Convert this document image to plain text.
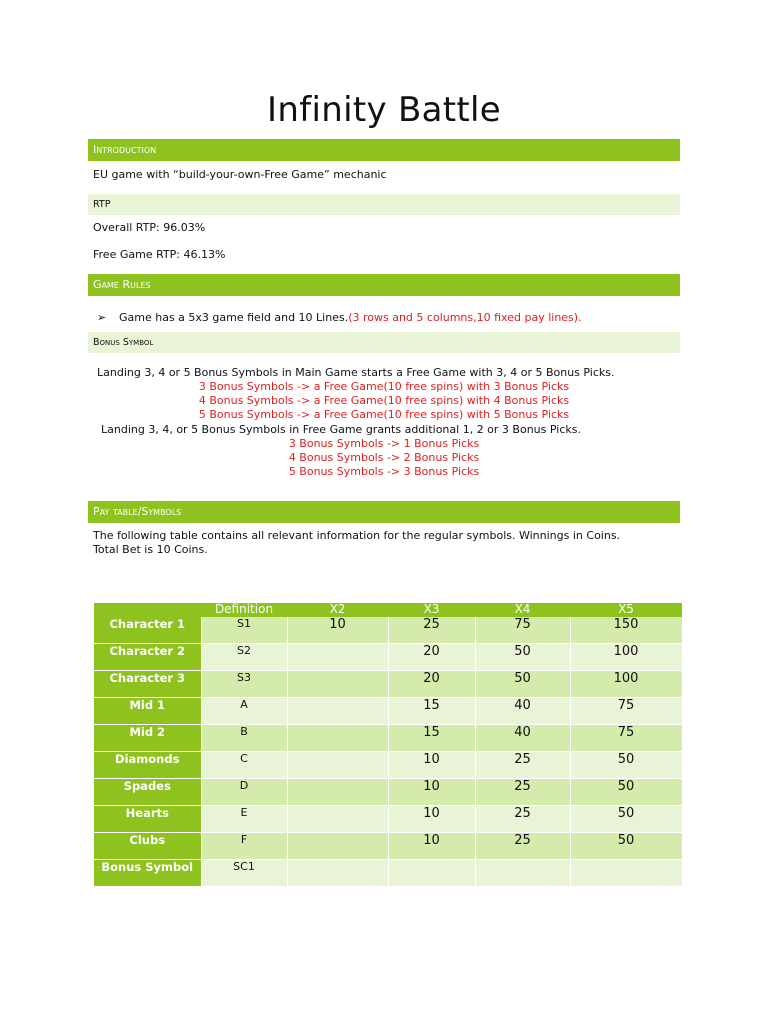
Infinity Battle
Introduction
EU game with “build-your-own-Free Game” mechanic
RTP
Overall RTP: 96.03%
Free Game RTP: 46.13%
Game Rules
➢ Game has a 5x3 game field and 10 Lines.(3 rows and 5 columns,10 fixed pay lines).
Bonus Symbol
Landing 3, 4 or 5 Bonus Symbols in Main Game starts a Free Game with 3, 4 or 5 Bonus Picks.
3 Bonus Symbols -> a Free Game(10 free spins) with 3 Bonus Picks
4 Bonus Symbols -> a Free Game(10 free spins) with 4 Bonus Picks
5 Bonus Symbols -> a Free Game(10 free spins) with 5 Bonus Picks
Landing 3, 4, or 5 Bonus Symbols in Free Game grants additional 1, 2 or 3 Bonus Picks.
3 Bonus Symbols -> 1 Bonus Picks
4 Bonus Symbols -> 2 Bonus Picks
5 Bonus Symbols -> 3 Bonus Picks
Pay table/Symbols
The following table contains all relevant information for the regular symbols. Winnings in Coins.
Total Bet is 10 Coins.
	Definition	X2	X3	X4	X5
Character 1	S1	10	25	75	150
Character 2	S2		20	50	100
Character 3	S3		20	50	100
Mid 1	A		15	40	75
Mid 2	B		15	40	75
Diamonds	C		10	25	50
Spades	D		10	25	50
Hearts	E		10	25	50
Clubs	F		10	25	50
Bonus Symbol	SC1				
